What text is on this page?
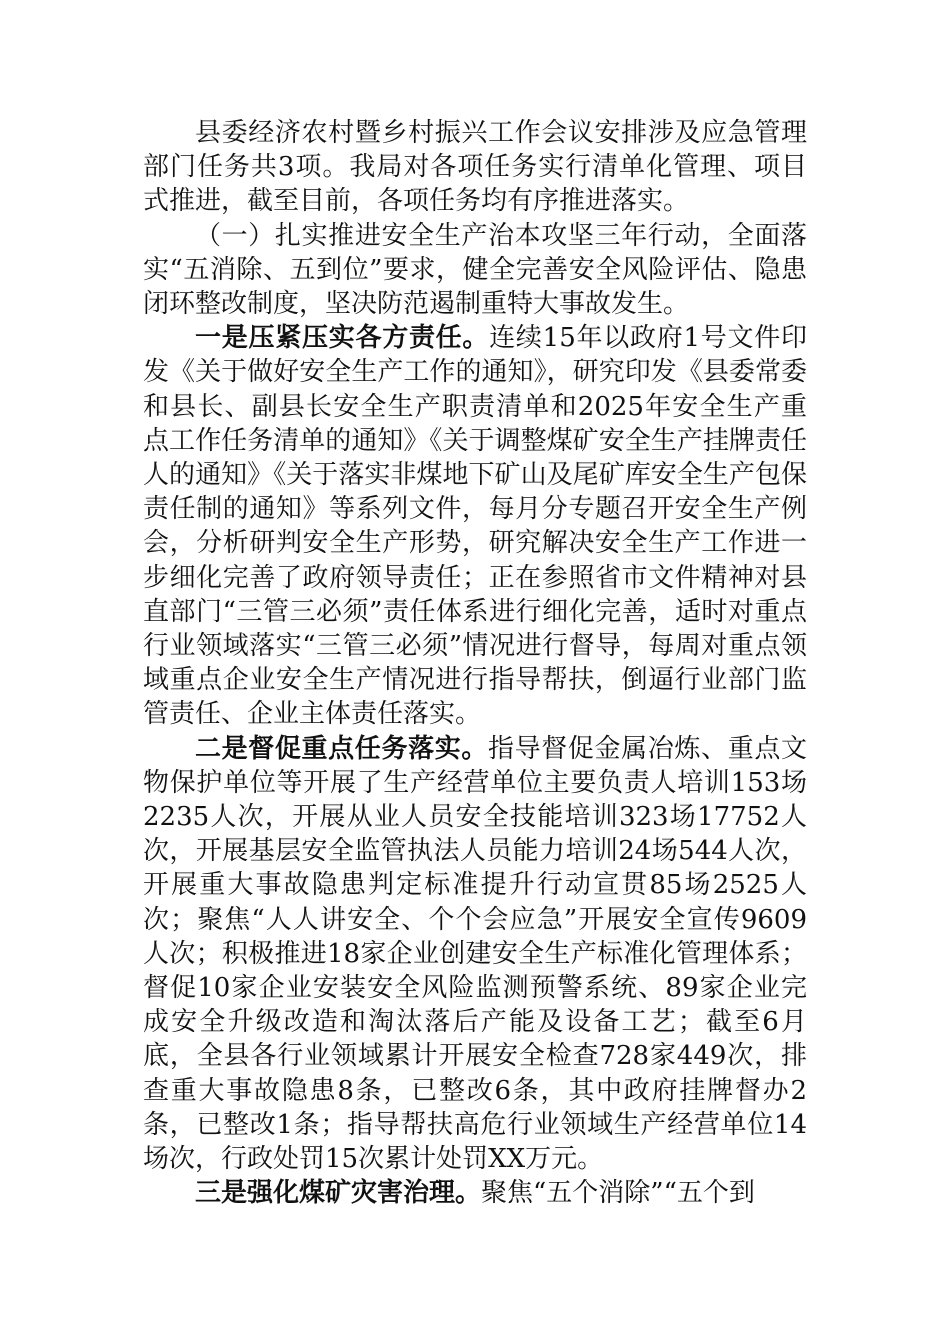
县委经济农村暨乡村振兴工作会议安排涉及应急管理部门任务共3项。我局对各项任务实行清单化管理、项目式推进，截至目前，各项任务均有序推进落实。

（一）扎实推进安全生产治本攻坚三年行动，全面落实“五消除、五到位”要求，健全完善安全风险评估、隐患闭环整改制度，坚决防范遏制重特大事故发生。

一是压紧压实各方责任。连续15年以政府1号文件印发《关于做好安全生产工作的通知》，研究印发《县委常委和县长、副县长安全生产职责清单和2025年安全生产重点工作任务清单的通知》《关于调整煤矿安全生产挂牌责任人的通知》《关于落实非煤地下矿山及尾矿库安全生产包保责任制的通知》等系列文件，每月分专题召开安全生产例会，分析研判安全生产形势，研究解决安全生产工作进一步细化完善了政府领导责任；正在参照省市文件精神对县直部门“三管三必须”责任体系进行细化完善，适时对重点行业领域落实“三管三必须”情况进行督导，每周对重点领域重点企业安全生产情况进行指导帮扶，倒逼行业部门监管责任、企业主体责任落实。

二是督促重点任务落实。指导督促金属冶炼、重点文物保护单位等开展了生产经营单位主要负责人培训153场2235人次，开展从业人员安全技能培训323场17752人次，开展基层安全监管执法人员能力培训24场544人次，开展重大事故隐患判定标准提升行动宣贯85场2525人次；聚焦“人人讲安全、个个会应急”开展安全宣传9609人次；积极推进18家企业创建安全生产标准化管理体系；督促10家企业安装安全风险监测预警系统、89家企业完成安全升级改造和淘汰落后产能及设备工艺；截至6月底，全县各行业领域累计开展安全检查728家449次，排查重大事故隐患8条，已整改6条，其中政府挂牌督办2条，已整改1条；指导帮扶高危行业领域生产经营单位14场次，行政处罚15次累计处罚XX万元。

三是强化煤矿灾害治理。聚焦“五个消除”“五个到
